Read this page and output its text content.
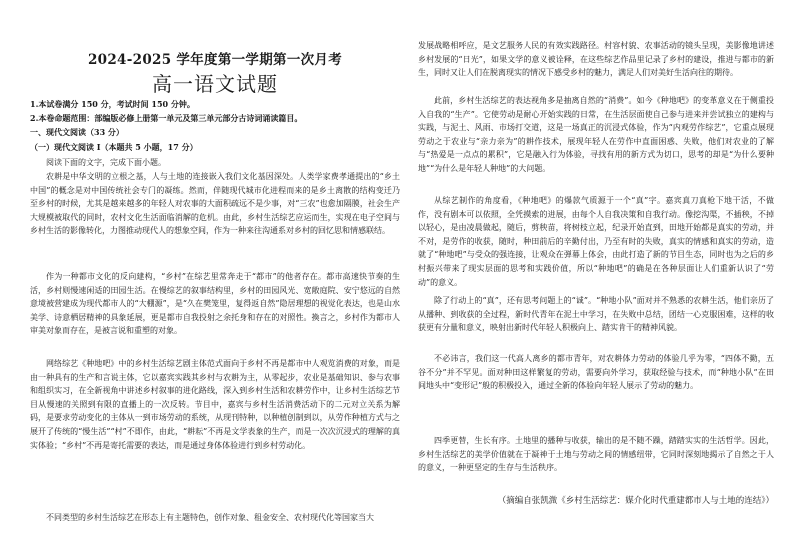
2024-2025 学年度第一学期第一次月考
高一语文试题
1.本试卷满分 150 分，考试时间 150 分钟。
2.本卷命题范围：部编版必修上册第一单元及第三单元部分古诗词诵读篇目。
一、现代文阅读（33 分）
（一）现代文阅读 I（本题共 5 小题，17 分）
阅读下面的文字，完成下面小题。
农耕是中华文明的立根之基，人与土地的连接嵌入我们文化基因深处。人类学家费孝通提出的“乡土中国”的概念是对中国传统社会专门的凝练。然而，伴随现代城市化进程而来的是乡土离散的结构变迁乃至乡村的时候，尤其是越来越多的年轻人对农事的大面积疏远不是少事，对“三农”也愈加隔膜，社会生产大规模被取代的同时，农村文化生活面临消解的危机。由此，乡村生活综艺应运而生，实现在电子空间与乡村生活的影像转化，力图推动现代人的想象空间，作为一种来往沟通系对乡村的回忆思和情感联结。
作为一种都市文化的反向建构，“乡村”在综艺里常奔走于“都市”的他者存在。都市高速快节奏的生活，乡村则慢速闲适的田园生活。在慢综艺的叙事结构里，乡村的田园风光、宽敞庭院、安宁悠远的自然意境被营建成为现代都市人的“大棚源”，是“久在樊笼里，复得返自然”隐居理想的视觉化表达，也是山水美学、诗意栖居精神的具象延展，更是都市自我投射之余托身和存在的对照性。換言之，乡村作为都市人审美对象而存在，是被言说和重塑的对象。
网络综艺《种地吧》中的乡村生活综艺剧主体范式面向于乡村不再是都市中人观览消费的对象，而是由一种具有的生产和言说主体，它以嘉宾实践其乡村与农耕为主，从零起步，农业是基础知识、参与农事和组织实习，在全新视角中讲述乡村叙事的进化路线，深入到乡村生活和农耕劳作中，让乡村生活综艺节目从慢速的关照到有限的直播上的一次反转。节目中，嘉宾与乡村生活消费活动下的二元对立关系为解码，是要求劳动变化的主体从一到市场劳动的系统，从现刊特种，以种植创制到以，从劳作种植方式与之展开了传统的“慢生活”“村”不即作，由此，“耕耘”不再是文学表象的生产，而是一次次沉浸式的理解的真实体验；“乡村”不再是寄托需要的表达，而是通过身体体验进行到乡村劳动化。
不同类型的乡村生活综艺在形态上有主题特色，创作对象、租金安全、农村现代化等国家当大
发展战略相呼应，是文艺服务人民的有效实践路径。村容村貌、农事活动的镜头呈现，美影像地讲述乡村发展的“日光”，如果文学的意义被诠释，在这些综艺作品里记录了乡村的建设，推进与都市的新生，同时又让人们在脱离现实的情况下感受乡村的魅力，满足人们对美好生活向往的期待。
此前，乡村生活综艺的表达视角多是抽离自然的“消费”。如今《种地吧》的变革意义在于侧重投入自我的“生产”。它使劳动是耐心开始实践的日常，在生活层面使自己参与进来并尝试独立的建构与实践，与泥土、风雨、市场打交道，这是一场真正的沉浸式体验，作为“内观劳作综艺”，它重点展现劳动之于农业与“亲力亲为”的耕作技术，展现年轻人在劳作中直面困惑、失败，他们对农业的了解与“热爱是一点点的累积”，它是融入行为体验，寻找有用的新方式为切口，思考的却是“为什么要种地”“为什么是年轻人种地”的大问题。
从综艺制作的角度看，《种地吧》的爆款气质源于一个“真”字。嘉宾真刀真枪下地干活，不做作，没有剧本可以依照，全凭摸索的进展，由每个人自我决策和自我行动。像挖沟渠，不插秧，不掉以轻心，是由凌晨做起，随后，剪秧苗，将树枝立起，纪录开始直到，田地开始都是真实的劳动，并不对，是劳作的收获，随时，种田前后的辛勤付出，乃至有时的失败，真实的情感和真实的劳动，造就了“种地吧”与受众的强连接，让观众在弹幕上体会，由此打造了新的节目生态，同时也为之后的乡村振兴带来了现实层面的思考和实践价值，所以“种地吧”的确是在各种层面让人们重新认识了“劳动”的意义。
除了行动上的“真”，还有思考问题上的“诚”。“种地小队”面对并不熟悉的农耕生活，他们亲历了从播种、到收获的全过程，新时代青年在泥土中学习，在失败中总结，团结一心克服困难，这样的收获更有分量和意义，映射出新时代年轻人积极向上、踏实肯干的精神风貌。
不必讳言，我们这一代高人离乡的都市青年，对农耕体力劳动的体验几乎为零，“四体不勤，五谷不分”并不罕见。面对种田这样繁复的劳动，需要向外学习，获取经验与技术，而“种地小队”在田间地头中“变形记”般的积极投入，通过全新的体验向年轻人展示了劳动的魅力。
四季更替，生长有序。土地里的播种与收获，输出的是不随不躁，踏踏实实的生活哲学。因此，乡村生活综艺的美学价值就在于凝神于土地与劳动之间的情感纽带，它同时深刻地揭示了自然之于人的意义，一种更坚定的生存与生活秩序。
（摘编自张凯溦《乡村生活综艺：媒介化时代重建都市人与土地的连结》）
